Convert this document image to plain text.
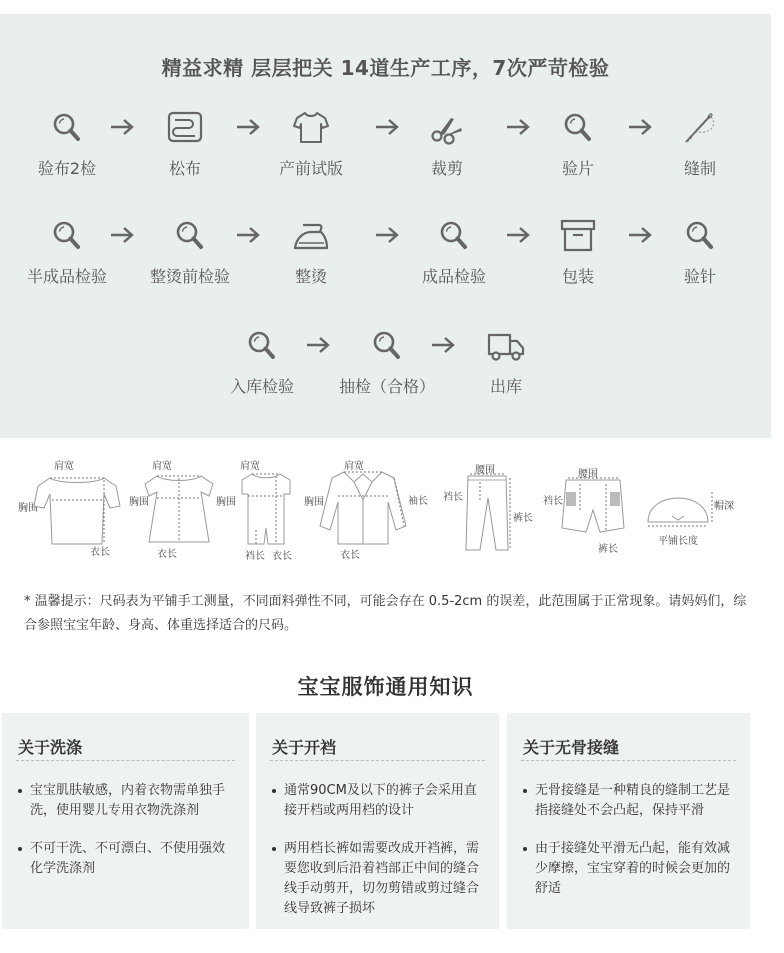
精益求精 层层把关 14道生产工序，7次严苛检验
验布2检	松布	产前试版	裁剪	验片	缝制
半成品检验	整烫前检验	整烫	成品检验	包装	验针
入库检验	抽检（合格）	出库
肩宽
胸围
衣长
肩宽
胸围
衣长
肩宽
胸围
裆长 衣长
肩宽
胸围	袖长
衣长
腰围
裆长
裤长
腰围
裆长
裤长
帽深
平铺长度

* 温馨提示：尺码表为平铺手工测量，不同面料弹性不同，可能会存在 0.5-2cm 的误差，此范围属于正常现象。请妈妈们，综合参照宝宝年龄、身高、体重选择适合的尺码。

宝宝服饰通用知识
关于洗涤
宝宝肌肤敏感，内着衣物需单独手洗，使用婴儿专用衣物洗涤剂
不可干洗、不可漂白、不使用强效化学洗涤剂
关于开裆
通常90CM及以下的裤子会采用直接开档或两用档的设计
两用档长裤如需要改成开裆裤，需要您收到后沿着裆部正中间的缝合线手动剪开，切勿剪错或剪过缝合线导致裤子损坏
关于无骨接缝
无骨接缝是一种精良的缝制工艺是指接缝处不会凸起，保持平滑
由于接缝处平滑无凸起，能有效减少摩擦，宝宝穿着的时候会更加的舒适
